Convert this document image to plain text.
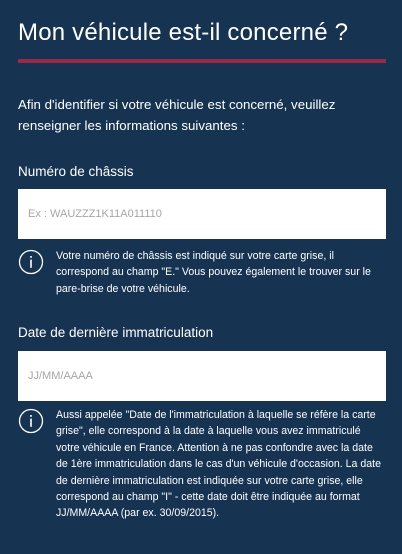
Mon véhicule est-il concerné ?

Afin d'identifier si votre véhicule est concerné, veuillez renseigner les informations suivantes :

Numéro de châssis
Ex : WAUZZZ1K11A011110

Votre numéro de châssis est indiqué sur votre carte grise, il correspond au champ "E." Vous pouvez également le trouver sur le pare-brise de votre véhicule.

Date de dernière immatriculation
JJ/MM/AAAA

Aussi appelée "Date de l'immatriculation à laquelle se réfère la carte grise", elle correspond à la date à laquelle vous avez immatriculé votre véhicule en France. Attention à ne pas confondre avec la date de 1ère immatriculation dans le cas d'un véhicule d'occasion. La date de dernière immatriculation est indiquée sur votre carte grise, elle correspond au champ "I" - cette date doit être indiquée au format JJ/MM/AAAA (par ex. 30/09/2015).
